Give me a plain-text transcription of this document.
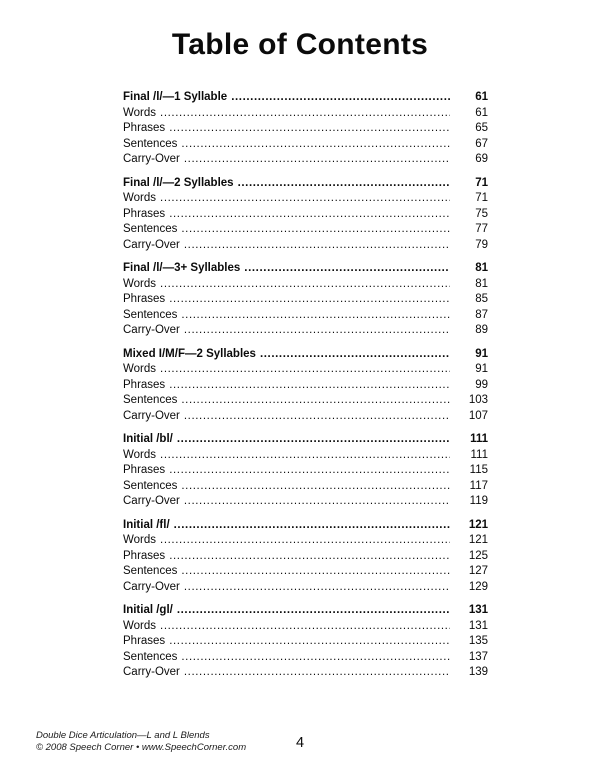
Table of Contents
Final /l/—1 Syllable .....	61
Words .....	61
Phrases .....	65
Sentences .....	67
Carry-Over .....	69
Final /l/—2 Syllables .....	71
Words .....	71
Phrases .....	75
Sentences .....	77
Carry-Over .....	79
Final /l/—3+ Syllables .....	81
Words .....	81
Phrases .....	85
Sentences .....	87
Carry-Over .....	89
Mixed I/M/F—2 Syllables .....	91
Words .....	91
Phrases .....	99
Sentences .....	103
Carry-Over .....	107
Initial /bl/ .....	111
Words .....	111
Phrases .....	115
Sentences .....	117
Carry-Over .....	119
Initial /fl/ .....	121
Words .....	121
Phrases .....	125
Sentences .....	127
Carry-Over .....	129
Initial /gl/ .....	131
Words .....	131
Phrases .....	135
Sentences .....	137
Carry-Over .....	139
Double Dice Articulation—L and L Blends
© 2008 Speech Corner • www.SpeechCorner.com	4
